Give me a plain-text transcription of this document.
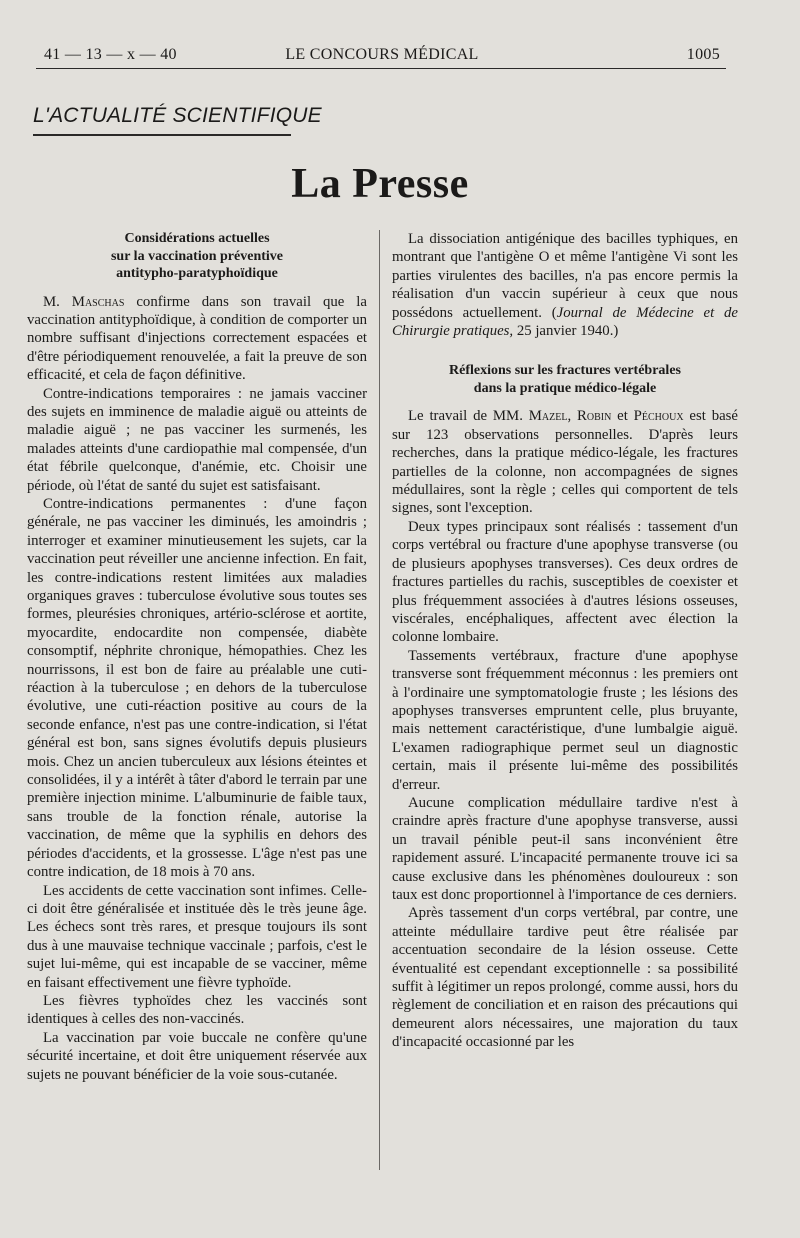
41 — 13 — x — 40	LE CONCOURS MÉDICAL	1005
L'ACTUALITÉ SCIENTIFIQUE
La Presse
Considérations actuelles
sur la vaccination préventive
antitypho-paratyphoïdique

M. Maschas confirme dans son travail que la vaccination antityphoïdique, à condition de comporter un nombre suffisant d'injections correctement espacées et d'être périodiquement renouvelée, a fait la preuve de son efficacité, et cela de façon définitive.

Contre-indications temporaires : ne jamais vacciner des sujets en imminence de maladie aiguë ou atteints de maladie aiguë ; ne pas vacciner les surmenés, les malades atteints d'une cardiopathie mal compensée, d'un état fébrile quelconque, d'anémie, etc. Choisir une période, où l'état de santé du sujet est satisfaisant.

Contre-indications permanentes : d'une façon générale, ne pas vacciner les diminués, les amoindris ; interroger et examiner minutieusement les sujets, car la vaccination peut réveiller une ancienne infection. En fait, les contre-indications restent limitées aux maladies organiques graves : tuberculose évolutive sous toutes ses formes, pleurésies chroniques, artério-sclérose et aortite, myocardite, endocardite non compensée, diabète consomptif, néphrite chronique, hémopathies. Chez les nourrissons, il est bon de faire au préalable une cuti-réaction à la tuberculose ; en dehors de la tuberculose évolutive, une cuti-réaction positive au cours de la seconde enfance, n'est pas une contre-indication, si l'état général est bon, sans signes évolutifs depuis plusieurs mois. Chez un ancien tuberculeux aux lésions éteintes et consolidées, il y a intérêt à tâter d'abord le terrain par une première injection minime. L'albuminurie de faible taux, sans trouble de la fonction rénale, autorise la vaccination, de même que la syphilis en dehors des périodes d'accidents, et la grossesse. L'âge n'est pas une contre indication, de 18 mois à 70 ans.

Les accidents de cette vaccination sont infimes. Celle-ci doit être généralisée et instituée dès le très jeune âge. Les échecs sont très rares, et presque toujours ils sont dus à une mauvaise technique vaccinale ; parfois, c'est le sujet lui-même, qui est incapable de se vacciner, même en faisant effectivement une fièvre typhoïde.

Les fièvres typhoïdes chez les vaccinés sont identiques à celles des non-vaccinés.

La vaccination par voie buccale ne confère qu'une sécurité incertaine, et doit être uniquement réservée aux sujets ne pouvant bénéficier de la voie sous-cutanée.

La dissociation antigénique des bacilles typhiques, en montrant que l'antigène O et même l'antigène Vi sont les parties virulentes des bacilles, n'a pas encore permis la réalisation d'un vaccin supérieur à ceux que nous possédons actuellement. (Journal de Médecine et de Chirurgie pratiques, 25 janvier 1940.)

Réflexions sur les fractures vertébrales
dans la pratique médico-légale

Le travail de MM. Mazel, Robin et Péchoux est basé sur 123 observations personnelles. D'après leurs recherches, dans la pratique médico-légale, les fractures partielles de la colonne, non accompagnées de signes médullaires, sont la règle ; celles qui comportent de tels signes, sont l'exception.

Deux types principaux sont réalisés : tassement d'un corps vertébral ou fracture d'une apophyse transverse (ou de plusieurs apophyses transverses). Ces deux ordres de fractures partielles du rachis, susceptibles de coexister et plus fréquemment associées à d'autres lésions osseuses, viscérales, encéphaliques, affectent avec élection la colonne lombaire.

Tassements vertébraux, fracture d'une apophyse transverse sont fréquemment méconnus : les premiers ont à l'ordinaire une symptomatologie fruste ; les lésions des apophyses transverses empruntent celle, plus bruyante, mais nettement caractéristique, d'une lumbalgie aiguë. L'examen radiographique permet seul un diagnostic certain, mais il présente lui-même des possibilités d'erreur.

Aucune complication médullaire tardive n'est à craindre après fracture d'une apophyse transverse, aussi un travail pénible peut-il sans inconvénient être rapidement assuré. L'incapacité permanente trouve ici sa cause exclusive dans les phénomènes douloureux : son taux est donc proportionnel à l'importance de ces derniers.

Après tassement d'un corps vertébral, par contre, une atteinte médullaire tardive peut être réalisée par accentuation secondaire de la lésion osseuse. Cette éventualité est cependant exceptionnelle : sa possibilité suffit à légitimer un repos prolongé, comme aussi, hors du règlement de conciliation et en raison des précautions qui demeurent alors nécessaires, une majoration du taux d'incapacité occasionné par les
